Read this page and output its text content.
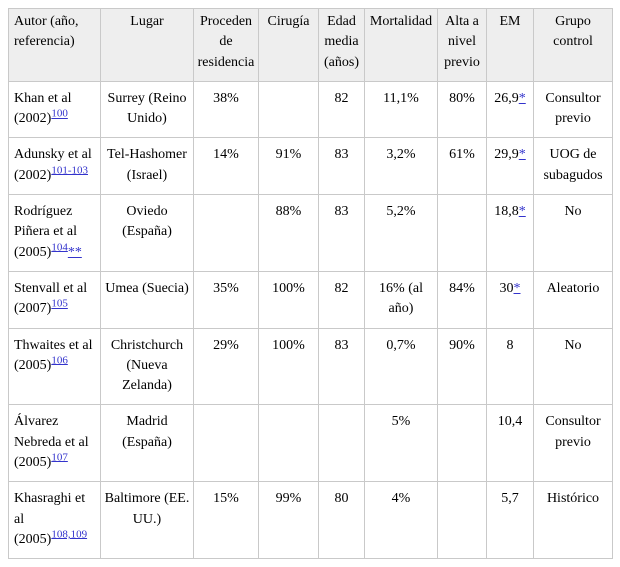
Autor (año, referencia)	Lugar	Proceden de residencia	Cirugía	Edad media (años)	Mortalidad	Alta a nivel previo	EM	Grupo control
Khan et al (2002)$^{100}$	Surrey (Reino Unido)	38%		82	11,1%	80%	26,9*	Consultor previo
Adunsky et al (2002)$^{101-103}$	Tel-Hashomer (Israel)	14%	91%	83	3,2%	61%	29,9*	UOG de subagudos
Rodríguez Piñera et al (2005)$^{104}$**	Oviedo (España)		88%	83	5,2%		18,8*	No
Stenvall et al (2007)$^{105}$	Umea (Suecia)	35%	100%	82	16% (al año)	84%	30*	Aleatorio
Thwaites et al (2005)$^{106}$	Christchurch (Nueva Zelanda)	29%	100%	83	0,7%	90%	8	No
Álvarez Nebreda et al (2005)$^{107}$	Madrid (España)				5%		10,4	Consultor previo
Khasraghi et al (2005)$^{108,109}$	Baltimore (EE. UU.)	15%	99%	80	4%		5,7	Histórico
